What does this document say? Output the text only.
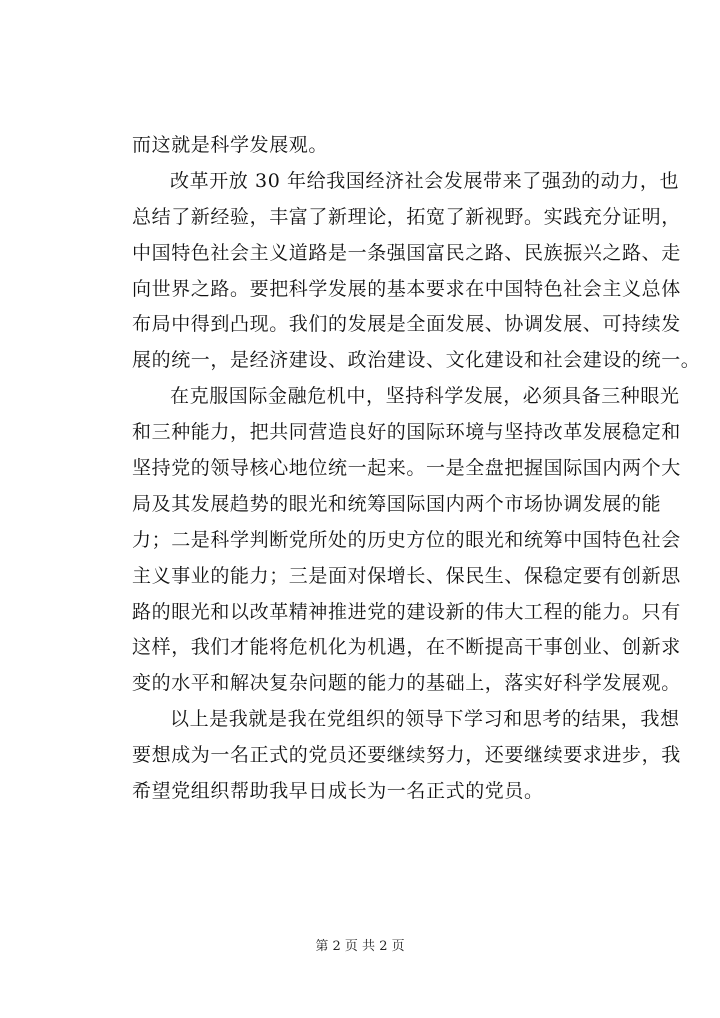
而这就是科学发展观。
改革开放 30 年给我国经济社会发展带来了强劲的动力，也
总结了新经验，丰富了新理论，拓宽了新视野。实践充分证明，
中国特色社会主义道路是一条强国富民之路、民族振兴之路、走
向世界之路。要把科学发展的基本要求在中国特色社会主义总体
布局中得到凸现。我们的发展是全面发展、协调发展、可持续发
展的统一，是经济建设、政治建设、文化建设和社会建设的统一。
在克服国际金融危机中，坚持科学发展，必须具备三种眼光
和三种能力，把共同营造良好的国际环境与坚持改革发展稳定和
坚持党的领导核心地位统一起来。一是全盘把握国际国内两个大
局及其发展趋势的眼光和统筹国际国内两个市场协调发展的能
力；二是科学判断党所处的历史方位的眼光和统筹中国特色社会
主义事业的能力；三是面对保增长、保民生、保稳定要有创新思
路的眼光和以改革精神推进党的建设新的伟大工程的能力。只有
这样，我们才能将危机化为机遇，在不断提高干事创业、创新求
变的水平和解决复杂问题的能力的基础上，落实好科学发展观。
以上是我就是我在党组织的领导下学习和思考的结果，我想
要想成为一名正式的党员还要继续努力，还要继续要求进步，我
希望党组织帮助我早日成长为一名正式的党员。
第 2 页 共 2 页
